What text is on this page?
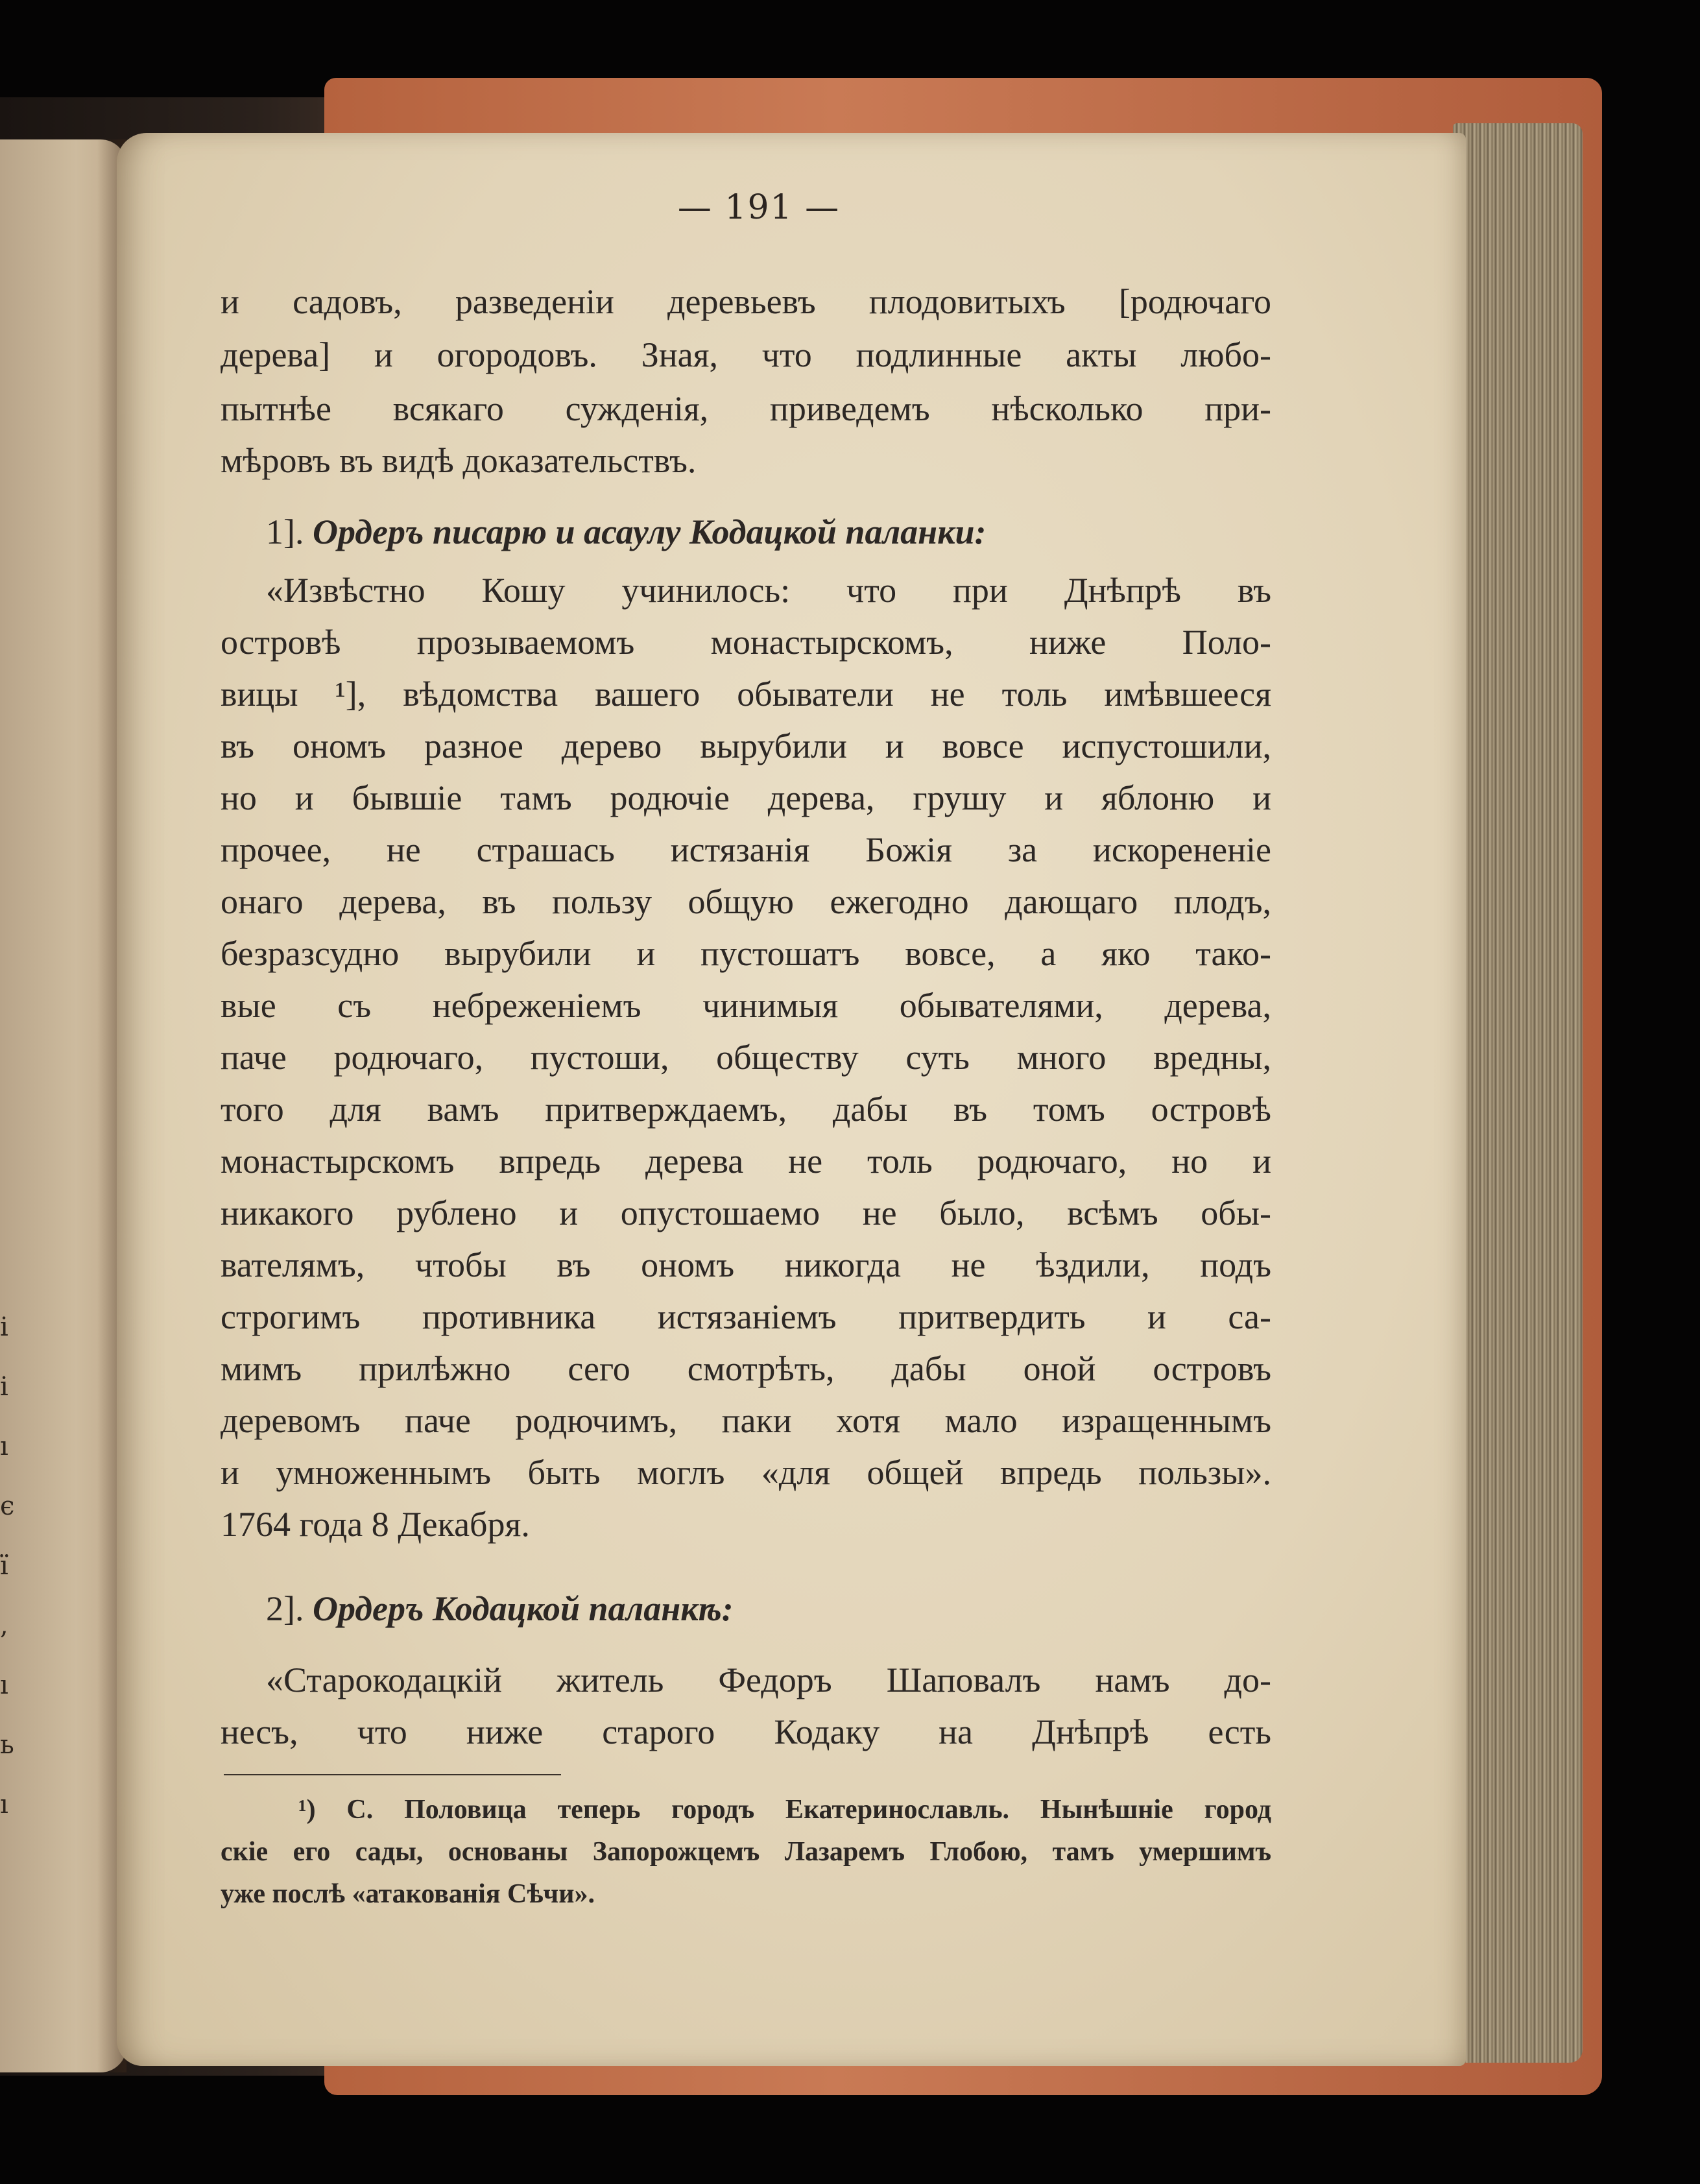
і
і
ı
є
ї
,
ı
ь
ı
— 191 —
и садовъ, разведеніи деревьевъ плодовитыхъ [родючаго
дерева] и огородовъ. Зная, что подлинные акты любо-
пытнѣе всякаго сужденія, приведемъ нѣсколько при-
мѣровъ въ видѣ доказательствъ.
1]. Ордеръ писарю и асаулу Кодацкой паланки:
«Извѣстно Кошу учинилось: что при Днѣпрѣ въ
островѣ прозываемомъ монастырскомъ, ниже Поло-
вицы ¹], вѣдомства вашего обыватели не толь имѣвшееся
въ ономъ разное дерево вырубили и вовсе испустошили,
но и бывшіе тамъ родючіе дерева, грушу и яблоню и
прочее, не страшась истязанія Божія за искорененіе
онаго дерева, въ пользу общую ежегодно дающаго плодъ,
безразсудно вырубили и пустошатъ вовсе, а яко тако-
вые съ небреженіемъ чинимыя обывателями, дерева,
паче родючаго, пустоши, обществу суть много вредны,
того для вамъ притверждаемъ, дабы въ томъ островѣ
монастырскомъ впредь дерева не толь родючаго, но и
никакого рублено и опустошаемо не было, всѣмъ обы-
вателямъ, чтобы въ ономъ никогда не ѣздили, подъ
строгимъ противника истязаніемъ притвердить и са-
мимъ прилѣжно сего смотрѣть, дабы оной островъ
деревомъ паче родючимъ, паки хотя мало изращеннымъ
и умноженнымъ быть моглъ «для общей впредь пользы».
1764 года 8 Декабря.
2]. Ордеръ Кодацкой паланкѣ:
«Старокодацкій житель Федоръ Шаповалъ намъ до-
несъ, что ниже старого Кодаку на Днѣпрѣ есть
¹) С. Половица теперь городъ Екатеринославль. Нынѣшніе город
скіе его сады, основаны Запорожцемъ Лазаремъ Глобою, тамъ умершимъ
уже послѣ «атакованія Сѣчи».
